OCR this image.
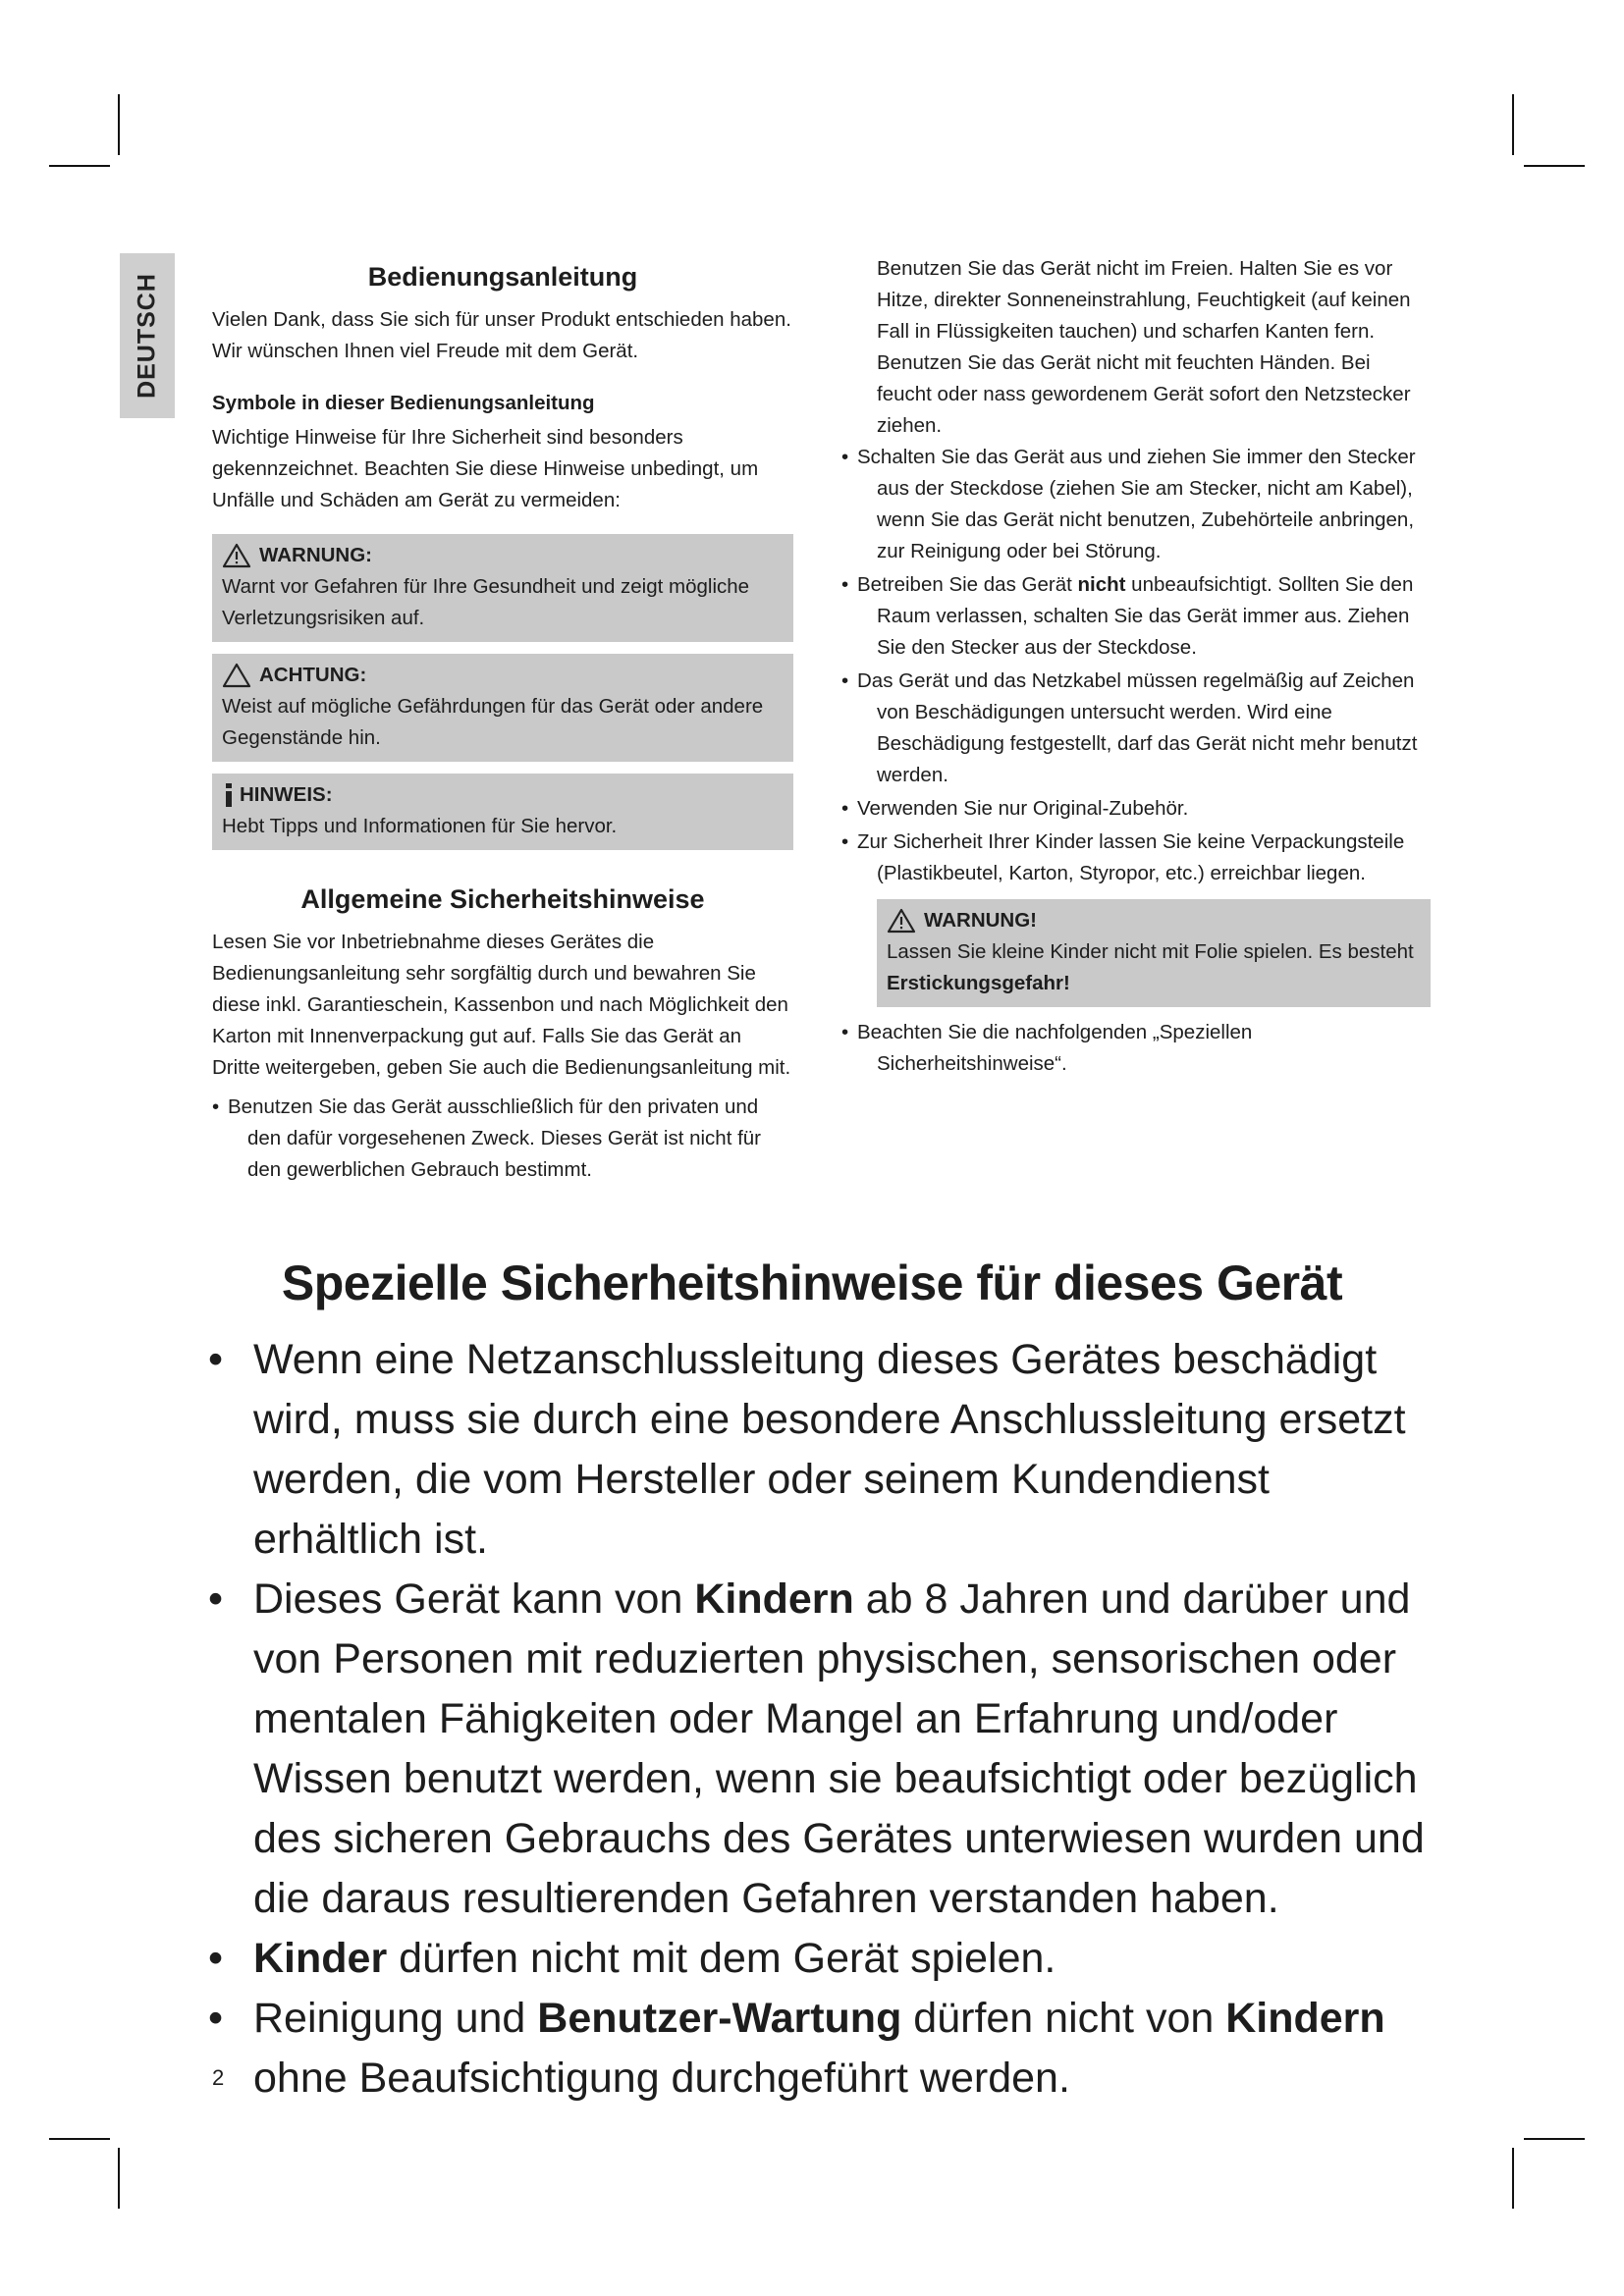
DEUTSCH	Bedienungsanleitung

Vielen Dank, dass Sie sich für unser Produkt entschieden haben. Wir wünschen Ihnen viel Freude mit dem Gerät.

Symbole in dieser Bedienungsanleitung

Wichtige Hinweise für Ihre Sicherheit sind besonders gekennzeichnet. Beachten Sie diese Hinweise unbedingt, um Unfälle und Schäden am Gerät zu vermeiden:

WARNUNG:

Warnt vor Gefahren für Ihre Gesundheit und zeigt mögliche Verletzungsrisiken auf.

ACHTUNG:

Weist auf mögliche Gefährdungen für das Gerät oder andere Gegenstände hin.

HINWEIS:

Hebt Tipps und Informationen für Sie hervor.

Allgemeine Sicherheitshinweise

Lesen Sie vor Inbetriebnahme dieses Gerätes die Bedienungsanleitung sehr sorgfältig durch und bewahren Sie diese inkl. Garantieschein, Kassenbon und nach Möglichkeit den Karton mit Innenverpackung gut auf. Falls Sie das Gerät an Dritte weitergeben, geben Sie auch die Bedienungsanleitung mit.

• Benutzen Sie das Gerät ausschließlich für den privaten und den dafür vorgesehenen Zweck. Dieses Gerät ist nicht für den gewerblichen Gebrauch bestimmt.

Benutzen Sie das Gerät nicht im Freien. Halten Sie es vor Hitze, direkter Sonneneinstrahlung, Feuchtigkeit (auf keinen Fall in Flüssigkeiten tauchen) und scharfen Kanten fern. Benutzen Sie das Gerät nicht mit feuchten Händen. Bei feucht oder nass gewordenem Gerät sofort den Netzstecker ziehen.

• Schalten Sie das Gerät aus und ziehen Sie immer den Stecker aus der Steckdose (ziehen Sie am Stecker, nicht am Kabel), wenn Sie das Gerät nicht benutzen, Zubehörteile anbringen, zur Reinigung oder bei Störung.
• Betreiben Sie das Gerät nicht unbeaufsichtigt. Sollten Sie den Raum verlassen, schalten Sie das Gerät immer aus. Ziehen Sie den Stecker aus der Steckdose.
• Das Gerät und das Netzkabel müssen regelmäßig auf Zeichen von Beschädigungen untersucht werden. Wird eine Beschädigung festgestellt, darf das Gerät nicht mehr benutzt werden.
• Verwenden Sie nur Original-Zubehör.
• Zur Sicherheit Ihrer Kinder lassen Sie keine Verpackungsteile (Plastikbeutel, Karton, Styropor, etc.) erreichbar liegen.
WARNUNG!

Lassen Sie kleine Kinder nicht mit Folie spielen. Es besteht Erstickungsgefahr!

• Beachten Sie die nachfolgenden „Speziellen Sicherheitshinweise“.
Spezielle Sicherheitshinweise für dieses Gerät
• Wenn eine Netzanschlussleitung dieses Gerätes beschädigt wird, muss sie durch eine besondere Anschlussleitung ersetzt werden, die vom Hersteller oder seinem Kundendienst erhältlich ist.
• Dieses Gerät kann von Kindern ab 8 Jahren und darüber und von Personen mit reduzierten physischen, sensorischen oder mentalen Fähigkeiten oder Mangel an Erfahrung und/oder Wissen benutzt werden, wenn sie beaufsichtigt oder bezüglich des sicheren Gebrauchs des Gerätes unterwiesen wurden und die daraus resultierenden Gefahren verstanden haben.
• Kinder dürfen nicht mit dem Gerät spielen.
• Reinigung und Benutzer-Wartung dürfen nicht von Kindern ohne Beaufsichtigung durchgeführt werden.
2
